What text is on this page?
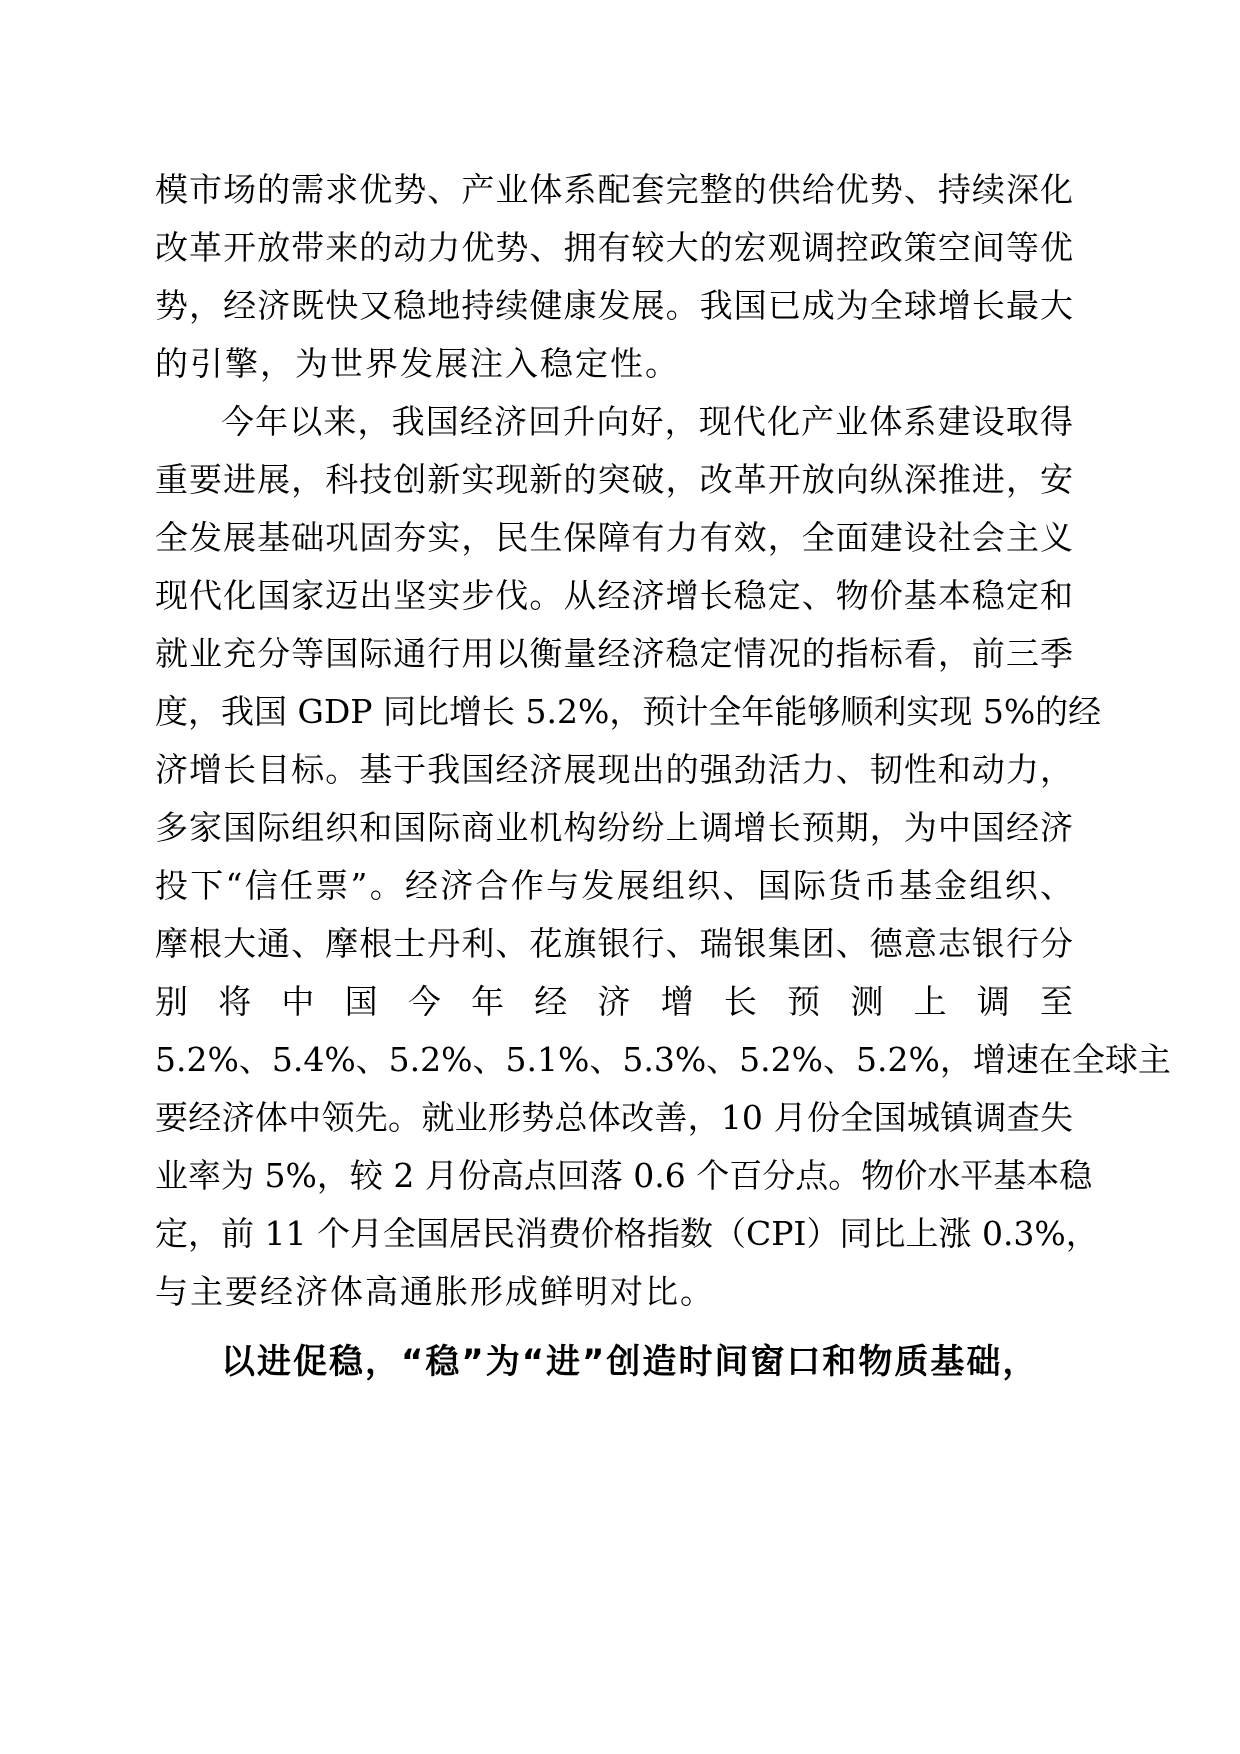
模市场的需求优势、产业体系配套完整的供给优势、持续深化
改革开放带来的动力优势、拥有较大的宏观调控政策空间等优
势，经济既快又稳地持续健康发展。我国已成为全球增长最大
的引擎，为世界发展注入稳定性。
今年以来，我国经济回升向好，现代化产业体系建设取得
重要进展，科技创新实现新的突破，改革开放向纵深推进，安
全发展基础巩固夯实，民生保障有力有效，全面建设社会主义
现代化国家迈出坚实步伐。从经济增长稳定、物价基本稳定和
就业充分等国际通行用以衡量经济稳定情况的指标看，前三季
度，我国 GDP 同比增长 5.2%，预计全年能够顺利实现 5%的经
济增长目标。基于我国经济展现出的强劲活力、韧性和动力，
多家国际组织和国际商业机构纷纷上调增长预期，为中国经济
投下“信任票”。经济合作与发展组织、国际货币基金组织、
摩根大通、摩根士丹利、花旗银行、瑞银集团、德意志银行分
别将中国今年经济增长预测上调至
5.2%、5.4%、5.2%、5.1%、5.3%、5.2%、5.2%，增速在全球主
要经济体中领先。就业形势总体改善，10 月份全国城镇调查失
业率为 5%，较 2 月份高点回落 0.6 个百分点。物价水平基本稳
定，前 11 个月全国居民消费价格指数（CPI）同比上涨 0.3%，
与主要经济体高通胀形成鲜明对比。
以进促稳，“稳”为“进”创造时间窗口和物质基础，
